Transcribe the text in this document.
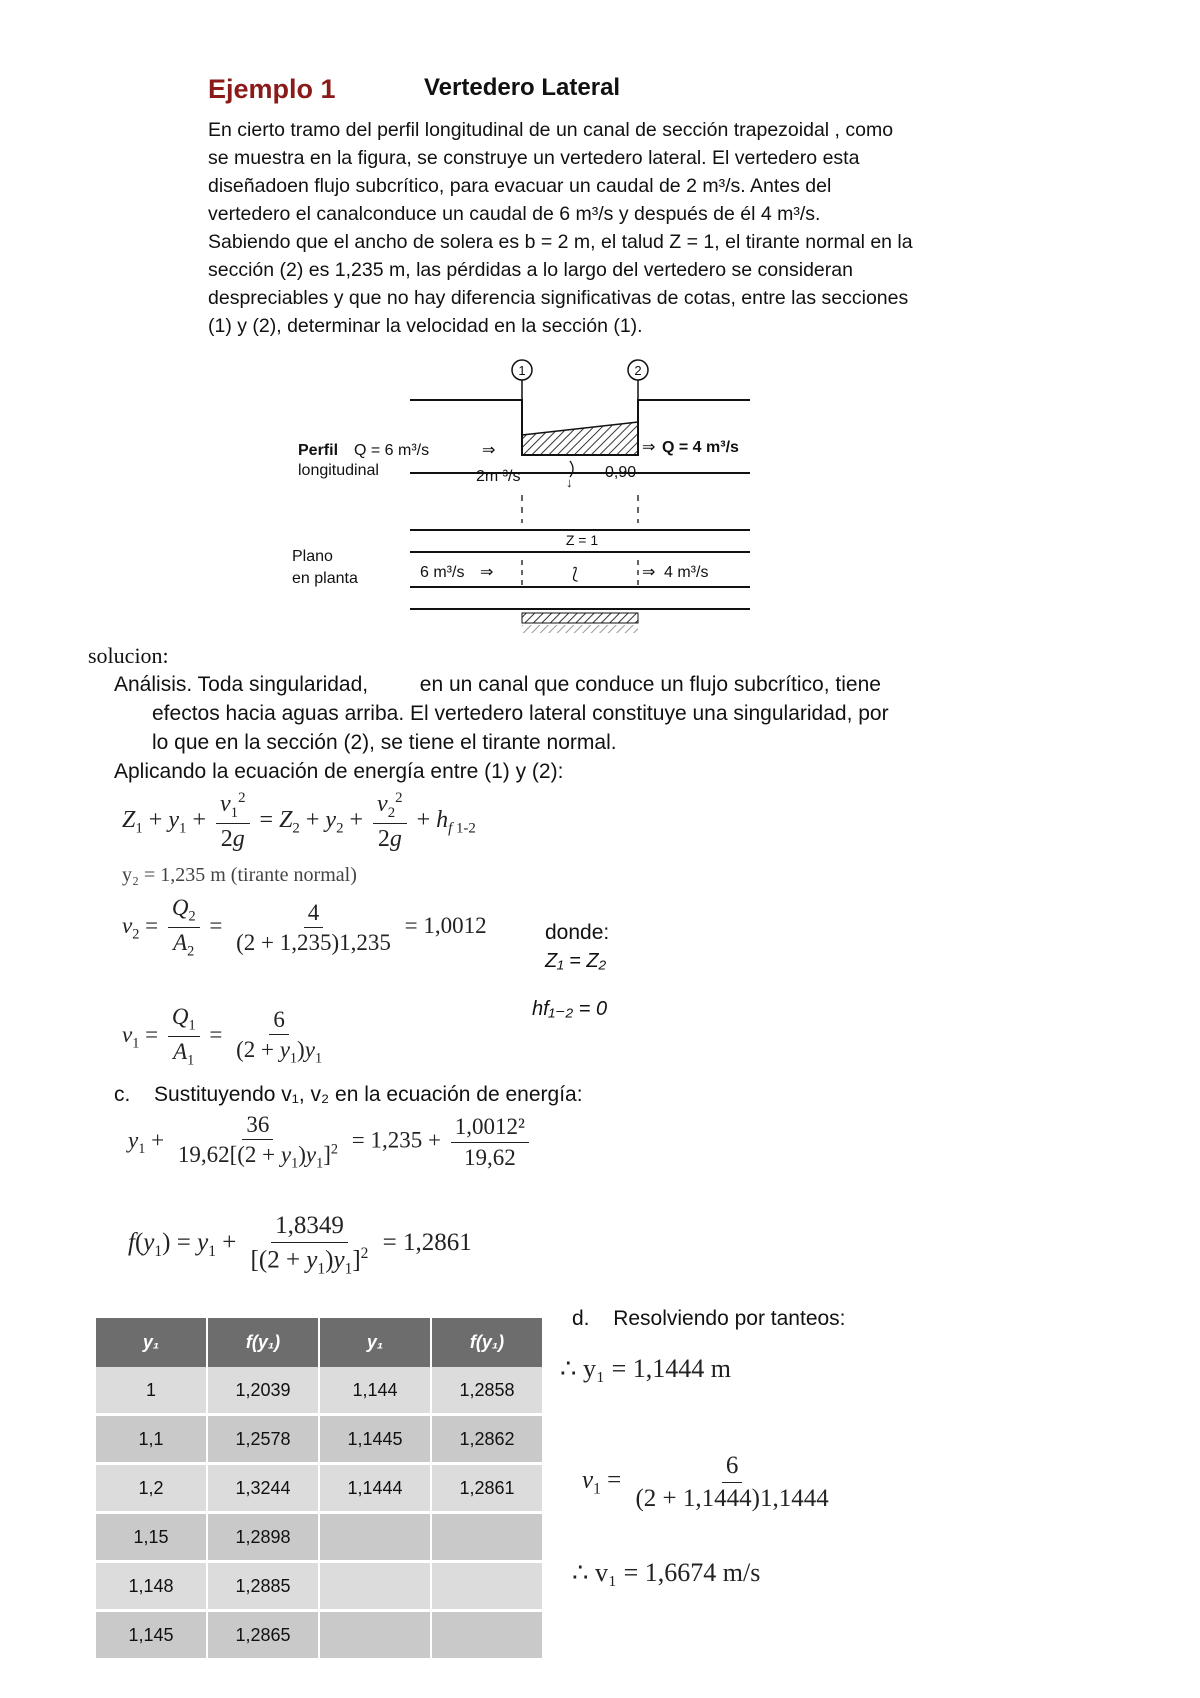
Ejemplo 1	Vertedero Lateral
En cierto tramo del perfil longitudinal de un canal de sección trapezoidal , como
se muestra en la figura, se construye un vertedero lateral. El vertedero esta
diseñadoen flujo subcrítico, para evacuar un caudal de 2 m³/s. Antes del
vertedero el canalconduce un caudal de 6 m³/s y después de él 4 m³/s.
Sabiendo que el ancho de solera es b = 2 m, el talud Z = 1, el tirante normal en la
sección (2) es 1,235 m, las pérdidas a lo largo del vertedero se consideran
despreciables y que no hay diferencia significativas de cotas, entre las secciones
(1) y (2), determinar la velocidad en la sección (1).
1	2
Perfil
longitudinal
Q = 6 m³/s	⇒	⇒ Q = 4 m³/s
2m ³/s	↓
0,90
Z = 1
Plano
en planta	6 m³/s ⇒	⟅	⇒ 4 m³/s
solucion:
Análisis. Toda singularidad, en un canal que conduce un flujo subcrítico, tiene
efectos hacia aguas arriba. El vertedero lateral constituye una singularidad, por
lo que en la sección (2), se tiene el tirante normal.
Aplicando la ecuación de energía entre (1) y (2):
$Z_1 + y_1 + \frac{v_1^2}{2g} = Z_2 + y_2 + \frac{v_2^2}{2g} + h_{f 1-2}$
y₂ = 1,235 m (tirante normal)
$v_2 = \frac{Q_2}{A_2} = \frac{4}{(2 + 1,235)1,235} = 1,0012$	donde:
Z₁ = Z₂
hf₁₋₂ = 0
$v_1 = \frac{Q_1}{A_1} = \frac{6}{(2 + y_1)y_1}$
c. Sustituyendo v₁, v₂ en la ecuación de energía:
$y_1 + \frac{36}{19,62[(2 + y_1)y_1]^2} = 1,235 + \frac{\text{1,0012²}}{19,62}$
$f(y_1) = y_1 + \frac{1,8349}{[(2 + y_1)y_1]^2} = 1,2861$
y₁	f(y₁)	y₁	f(y₁)
1	1,2039	1,144	1,2858
1,1	1,2578	1,1445	1,2862
1,2	1,3244	1,1444	1,2861
1,15	1,2898		
1,148	1,2885		
1,145	1,2865		
d. Resolviendo por tanteos:
∴ y₁ = 1,1444 m
$v_1 = \frac{6}{(2 + 1,1444)1,1444}$
∴ v₁ = 1,6674 m/s
